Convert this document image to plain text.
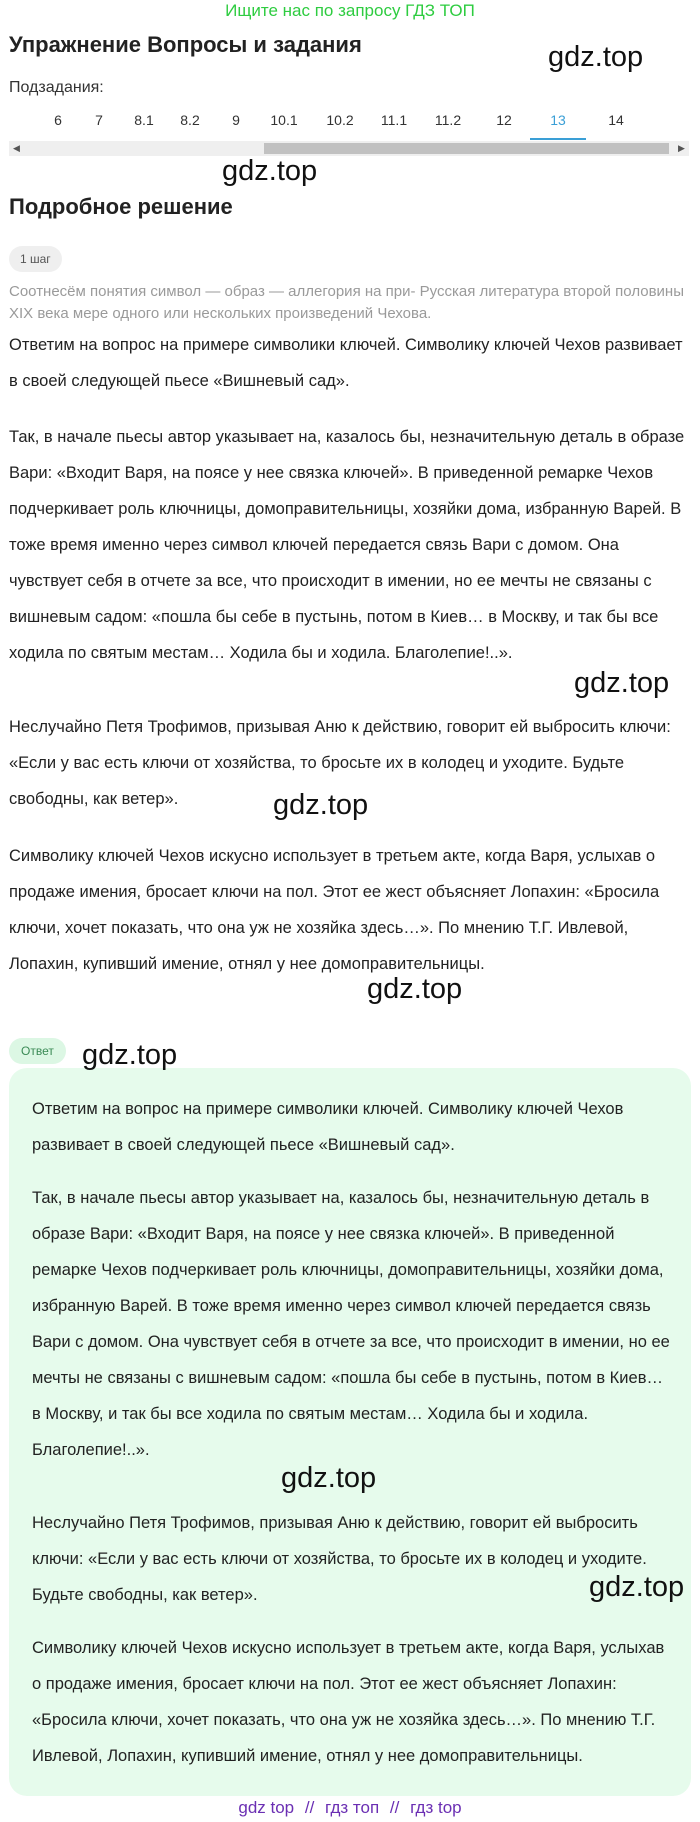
Ищите нас по запросу ГДЗ ТОП
Упражнение Вопросы и задания
Подзадания:
6	7	8.1	8.2	9	10.1	10.2	11.1	11.2	12	13	14
◀	▶
gdz.top
gdz.top
Подробное решение
1 шаг

Соотнесём понятия символ — образ — аллегория на при- Русская литература второй половины XIX века мере одного или нескольких произведений Чехова.

Ответим на вопрос на примере символики ключей. Символику ключей Чехов развивает в своей следующей пьесе «Вишневый сад».

Так, в начале пьесы автор указывает на, казалось бы, незначительную деталь в образе Вари: «Входит Варя, на поясе у нее связка ключей». В приведенной ремарке Чехов подчеркивает роль ключницы, домоправительницы, хозяйки дома, избранную Варей. В тоже время именно через символ ключей передается связь Вари с домом. Она чувствует себя в отчете за все, что происходит в имении, но ее мечты не связаны с вишневым садом: «пошла бы себе в пустынь, потом в Киев… в Москву, и так бы все ходила по святым местам… Ходила бы и ходила. Благолепие!..».

Неслучайно Петя Трофимов, призывая Аню к действию, говорит ей выбросить ключи: «Если у вас есть ключи от хозяйства, то бросьте их в колодец и уходите. Будьте свободны, как ветер».

Символику ключей Чехов искусно использует в третьем акте, когда Варя, услыхав о продаже имения, бросает ключи на пол. Этот ее жест объясняет Лопахин: «Бросила ключи, хочет показать, что она уж не хозяйка здесь…». По мнению Т.Г. Ивлевой, Лопахин, купивший имение, отнял у нее домоправительницы.

gdz.top
gdz.top
gdz.top
Ответ gdz.top

Ответим на вопрос на примере символики ключей. Символику ключей Чехов развивает в своей следующей пьесе «Вишневый сад».

Так, в начале пьесы автор указывает на, казалось бы, незначительную деталь в образе Вари: «Входит Варя, на поясе у нее связка ключей». В приведенной ремарке Чехов подчеркивает роль ключницы, домоправительницы, хозяйки дома, избранную Варей. В тоже время именно через символ ключей передается связь Вари с домом. Она чувствует себя в отчете за все, что происходит в имении, но ее мечты не связаны с вишневым садом: «пошла бы себе в пустынь, потом в Киев… в Москву, и так бы все ходила по святым местам… Ходила бы и ходила. Благолепие!..».

Неслучайно Петя Трофимов, призывая Аню к действию, говорит ей выбросить ключи: «Если у вас есть ключи от хозяйства, то бросьте их в колодец и уходите. Будьте свободны, как ветер».

Символику ключей Чехов искусно использует в третьем акте, когда Варя, услыхав о продаже имения, бросает ключи на пол. Этот ее жест объясняет Лопахин: «Бросила ключи, хочет показать, что она уж не хозяйка здесь…». По мнению Т.Г. Ивлевой, Лопахин, купивший имение, отнял у нее домоправительницы.

gdz.top
gdz.top
gdz top // гдз топ // гдз top
